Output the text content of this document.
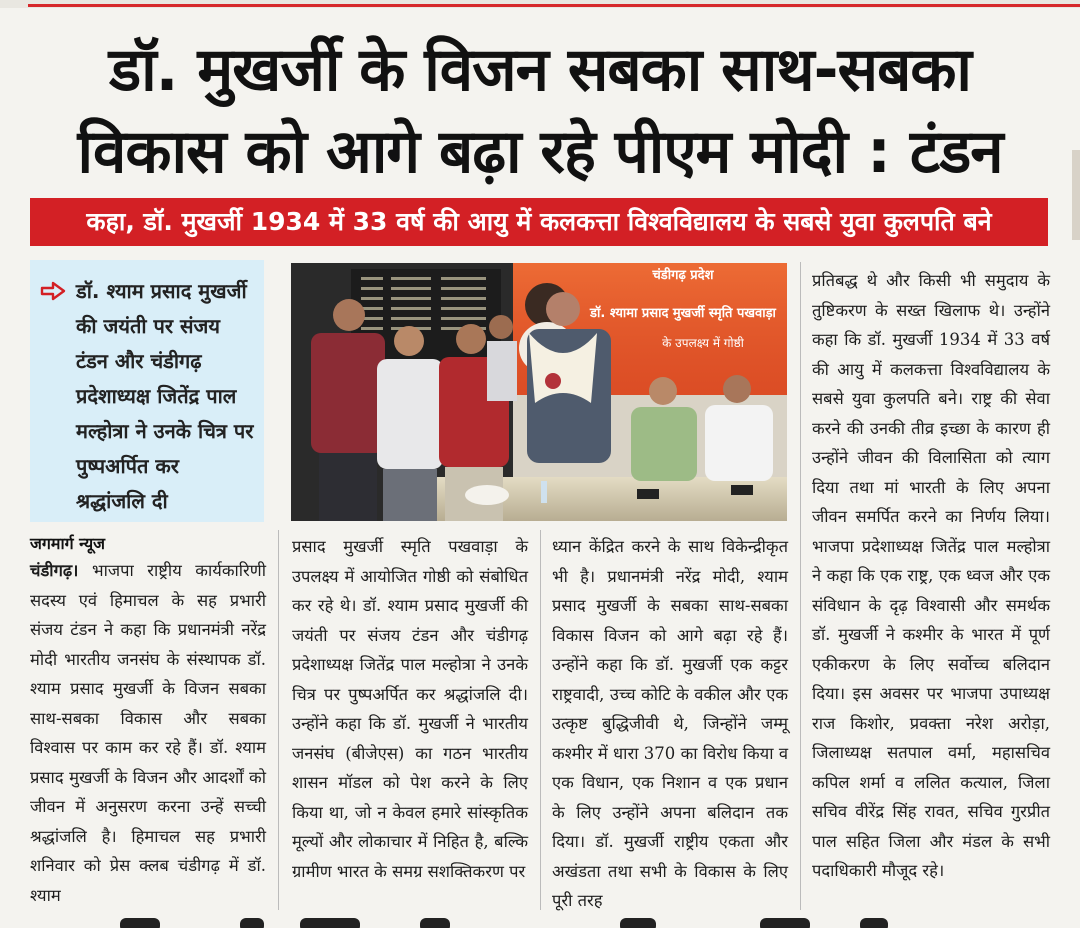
डॉ. मुखर्जी के विजन सबका साथ-सबका
विकास को आगे बढ़ा रहे पीएम मोदी : टंडन
कहा, डॉ. मुखर्जी 1934 में 33 वर्ष की आयु में कलकत्ता विश्वविद्यालय के सबसे युवा कुलपति बने
डॉ. श्याम प्रसाद मुखर्जी की जयंती पर संजय टंडन और चंडीगढ़ प्रदेशाध्यक्ष जितेंद्र पाल मल्होत्रा ने उनके चित्र पर पुष्पअर्पित कर श्रद्धांजलि दी
चंडीगढ़ प्रदेश
डॉ. श्यामा प्रसाद मुखर्जी स्मृति पखवाड़ा
के उपलक्ष्य में गोष्ठी
जगमार्ग न्यूज
चंडीगढ़। भाजपा राष्ट्रीय कार्यकारिणी सदस्य एवं हिमाचल के सह प्रभारी संजय टंडन ने कहा कि प्रधानमंत्री नरेंद्र मोदी भारतीय जनसंघ के संस्थापक डॉ. श्याम प्रसाद मुखर्जी के विजन सबका साथ-सबका विकास और सबका विश्वास पर काम कर रहे हैं। डॉ. श्याम प्रसाद मुखर्जी के विजन और आदर्शों को जीवन में अनुसरण करना उन्हें सच्ची श्रद्धांजलि है। हिमाचल सह प्रभारी शनिवार को प्रेस क्लब चंडीगढ़ में डॉ. श्याम
प्रसाद मुखर्जी स्मृति पखवाड़ा के उपलक्ष्य में आयोजित गोष्ठी को संबोधित कर रहे थे। डॉ. श्याम प्रसाद मुखर्जी की जयंती पर संजय टंडन और चंडीगढ़ प्रदेशाध्यक्ष जितेंद्र पाल मल्होत्रा ने उनके चित्र पर पुष्पअर्पित कर श्रद्धांजलि दी। उन्होंने कहा कि डॉ. मुखर्जी ने भारतीय जनसंघ (बीजेएस) का गठन भारतीय शासन मॉडल को पेश करने के लिए किया था, जो न केवल हमारे सांस्कृतिक मूल्यों और लोकाचार में निहित है, बल्कि ग्रामीण भारत के समग्र सशक्तिकरण पर
ध्यान केंद्रित करने के साथ विकेन्द्रीकृत भी है। प्रधानमंत्री नरेंद्र मोदी, श्याम प्रसाद मुखर्जी के सबका साथ-सबका विकास विजन को आगे बढ़ा रहे हैं। उन्होंने कहा कि डॉ. मुखर्जी एक कट्टर राष्ट्रवादी, उच्च कोटि के वकील और एक उत्कृष्ट बुद्धिजीवी थे, जिन्होंने जम्मू कश्मीर में धारा 370 का विरोध किया व एक विधान, एक निशान व एक प्रधान के लिए उन्होंने अपना बलिदान तक दिया। डॉ. मुखर्जी राष्ट्रीय एकता और अखंडता तथा सभी के विकास के लिए पूरी तरह
प्रतिबद्ध थे और किसी भी समुदाय के तुष्टिकरण के सख्त खिलाफ थे। उन्होंने कहा कि डॉ. मुखर्जी 1934 में 33 वर्ष की आयु में कलकत्ता विश्वविद्यालय के सबसे युवा कुलपति बने। राष्ट्र की सेवा करने की उनकी तीव्र इच्छा के कारण ही उन्होंने जीवन की विलासिता को त्याग दिया तथा मां भारती के लिए अपना जीवन समर्पित करने का निर्णय लिया। भाजपा प्रदेशाध्यक्ष जितेंद्र पाल मल्होत्रा ने कहा कि एक राष्ट्र, एक ध्वज और एक संविधान के दृढ़ विश्वासी और समर्थक डॉ. मुखर्जी ने कश्मीर के भारत में पूर्ण एकीकरण के लिए सर्वोच्च बलिदान दिया। इस अवसर पर भाजपा उपाध्यक्ष राज किशोर, प्रवक्ता नरेश अरोड़ा, जिलाध्यक्ष सतपाल वर्मा, महासचिव कपिल शर्मा व ललित कत्याल, जिला सचिव वीरेंद्र सिंह रावत, सचिव गुरप्रीत पाल सहित जिला और मंडल के सभी पदाधिकारी मौजूद रहे।
